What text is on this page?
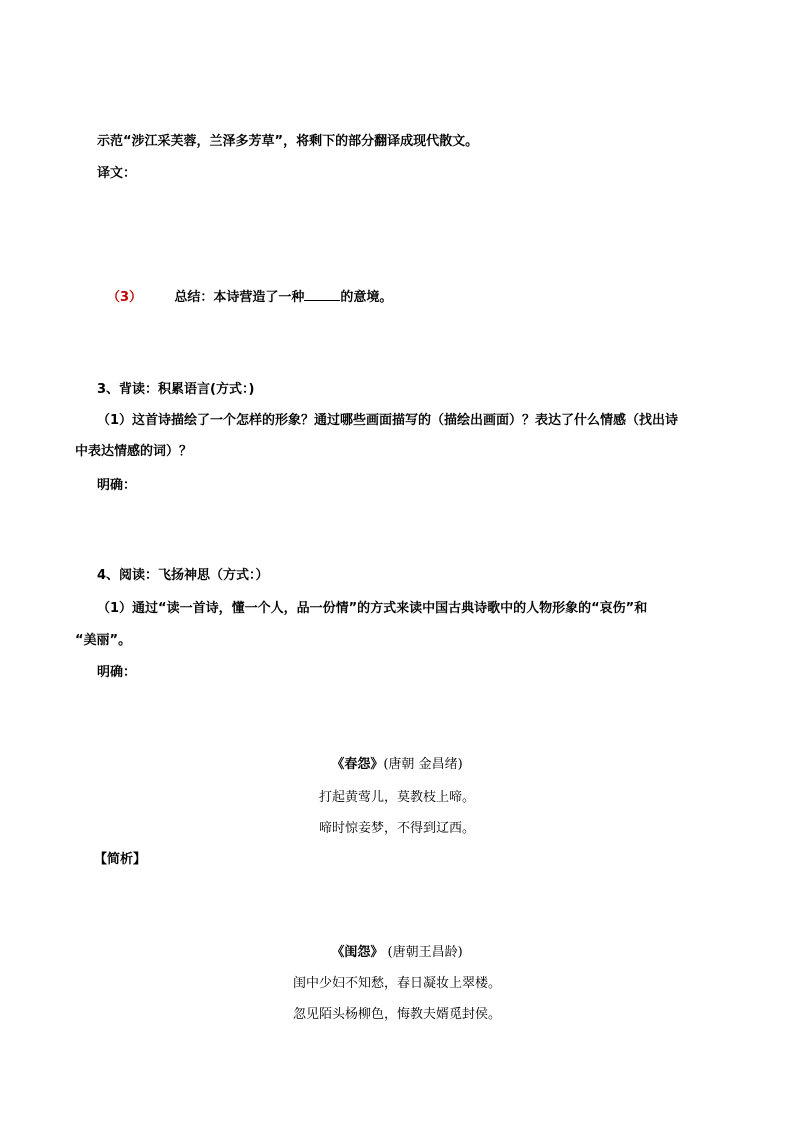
示范“涉江采芙蓉，兰泽多芳草”，将剩下的部分翻译成现代散文。
译文：
（3） 总结：本诗营造了一种	的意境。
3、背读：积累语言(方式：)
（1）这首诗描绘了一个怎样的形象？通过哪些画面描写的（描绘出画面）？表达了什么情感（找出诗
中表达情感的词）？
明确：
4、阅读：飞扬神思（方式：）
（1）通过“读一首诗，懂一个人，品一份情”的方式来读中国古典诗歌中的人物形象的“哀伤”和
“美丽”。
明确：
《春怨》(唐朝 金昌绪)
打起黄莺儿，莫教枝上啼。
啼时惊妾梦，不得到辽西。
【简析】
《闺怨》 (唐朝王昌龄)
闺中少妇不知愁，春日凝妆上翠楼。
忽见陌头杨柳色，悔教夫婿觅封侯。
